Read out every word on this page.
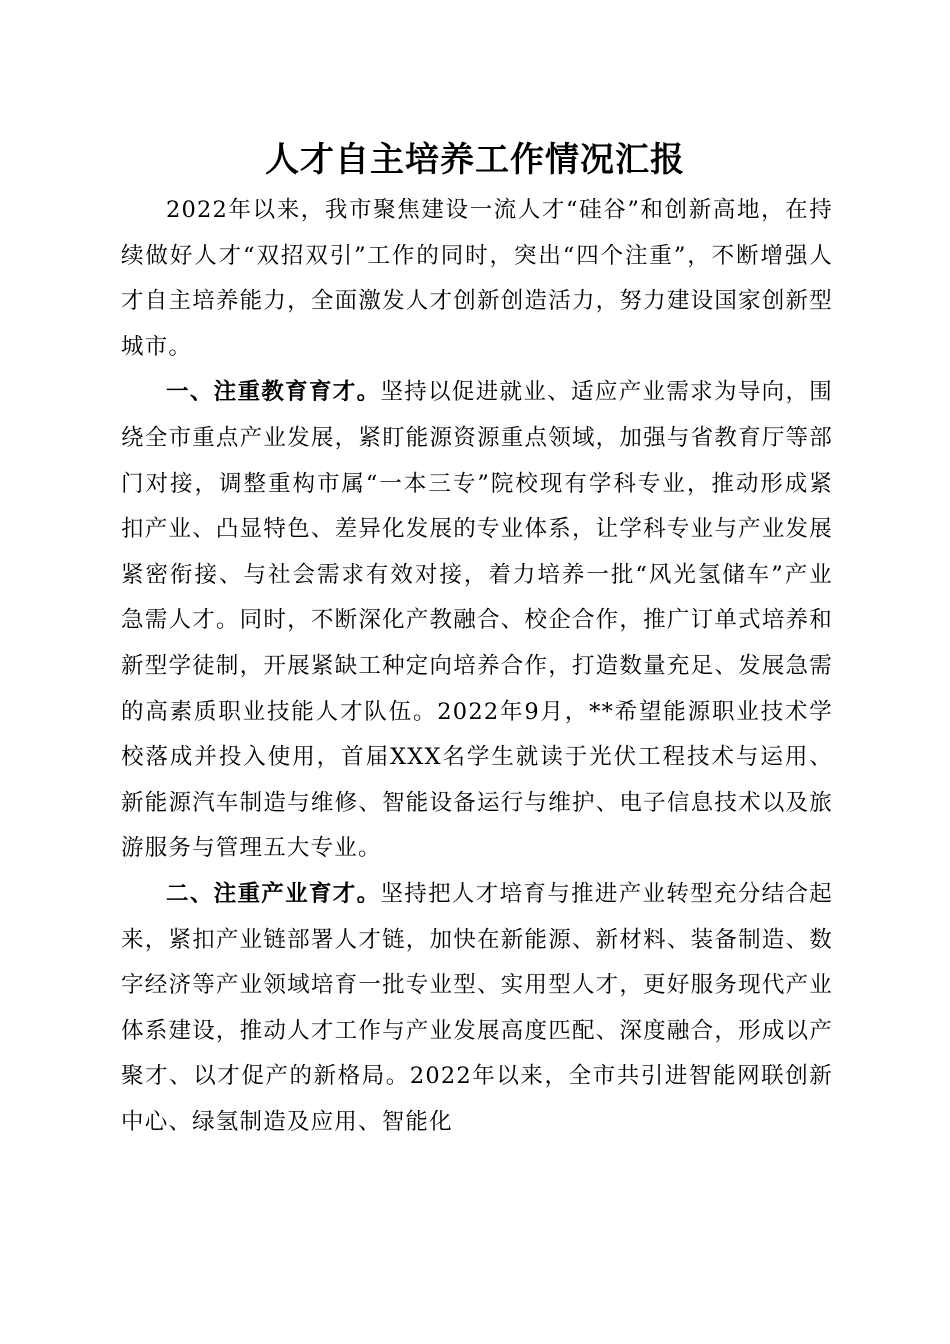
人才自主培养工作情况汇报

2022年以来，我市聚焦建设一流人才“硅谷”和创新高地，在持续做好人才“双招双引”工作的同时，突出“四个注重”，不断增强人才自主培养能力，全面激发人才创新创造活力，努力建设国家创新型城市。

一、注重教育育才。坚持以促进就业、适应产业需求为导向，围绕全市重点产业发展，紧盯能源资源重点领域，加强与省教育厅等部门对接，调整重构市属“一本三专”院校现有学科专业，推动形成紧扣产业、凸显特色、差异化发展的专业体系，让学科专业与产业发展紧密衔接、与社会需求有效对接，着力培养一批“风光氢储车”产业急需人才。同时，不断深化产教融合、校企合作，推广订单式培养和新型学徒制，开展紧缺工种定向培养合作，打造数量充足、发展急需的高素质职业技能人才队伍。2022年9月，**希望能源职业技术学校落成并投入使用，首届XXX名学生就读于光伏工程技术与运用、新能源汽车制造与维修、智能设备运行与维护、电子信息技术以及旅游服务与管理五大专业。

二、注重产业育才。坚持把人才培育与推进产业转型充分结合起来，紧扣产业链部署人才链，加快在新能源、新材料、装备制造、数字经济等产业领域培育一批专业型、实用型人才，更好服务现代产业体系建设，推动人才工作与产业发展高度匹配、深度融合，形成以产聚才、以才促产的新格局。2022年以来，全市共引进智能网联创新中心、绿氢制造及应用、智能化
